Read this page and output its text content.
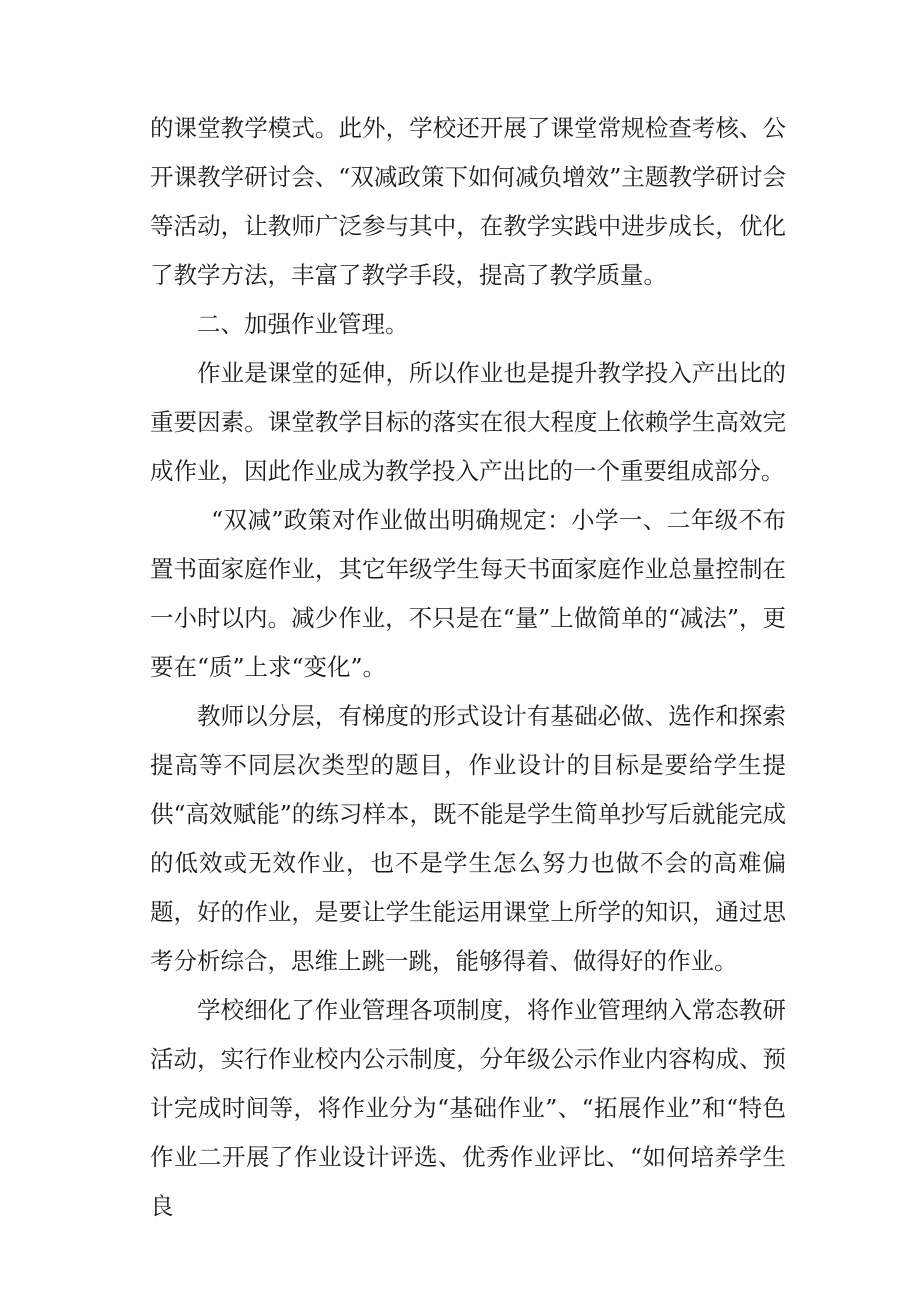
的课堂教学模式。此外，学校还开展了课堂常规检查考核、公开课教学研讨会、“双减政策下如何减负增效”主题教学研讨会等活动，让教师广泛参与其中，在教学实践中进步成长，优化了教学方法，丰富了教学手段，提高了教学质量。

二、加强作业管理。

作业是课堂的延伸，所以作业也是提升教学投入产出比的重要因素。课堂教学目标的落实在很大程度上依赖学生高效完成作业，因此作业成为教学投入产出比的一个重要组成部分。

“双减”政策对作业做出明确规定：小学一、二年级不布置书面家庭作业，其它年级学生每天书面家庭作业总量控制在一小时以内。减少作业，不只是在“量”上做简单的“减法”，更要在“质”上求“变化”。

教师以分层，有梯度的形式设计有基础必做、选作和探索提高等不同层次类型的题目，作业设计的目标是要给学生提供“高效赋能”的练习样本，既不能是学生简单抄写后就能完成的低效或无效作业，也不是学生怎么努力也做不会的高难偏题，好的作业，是要让学生能运用课堂上所学的知识，通过思考分析综合，思维上跳一跳，能够得着、做得好的作业。

学校细化了作业管理各项制度，将作业管理纳入常态教研活动，实行作业校内公示制度，分年级公示作业内容构成、预计完成时间等，将作业分为“基础作业”、“拓展作业”和“特色作业二开展了作业设计评选、优秀作业评比、“如何培养学生良
